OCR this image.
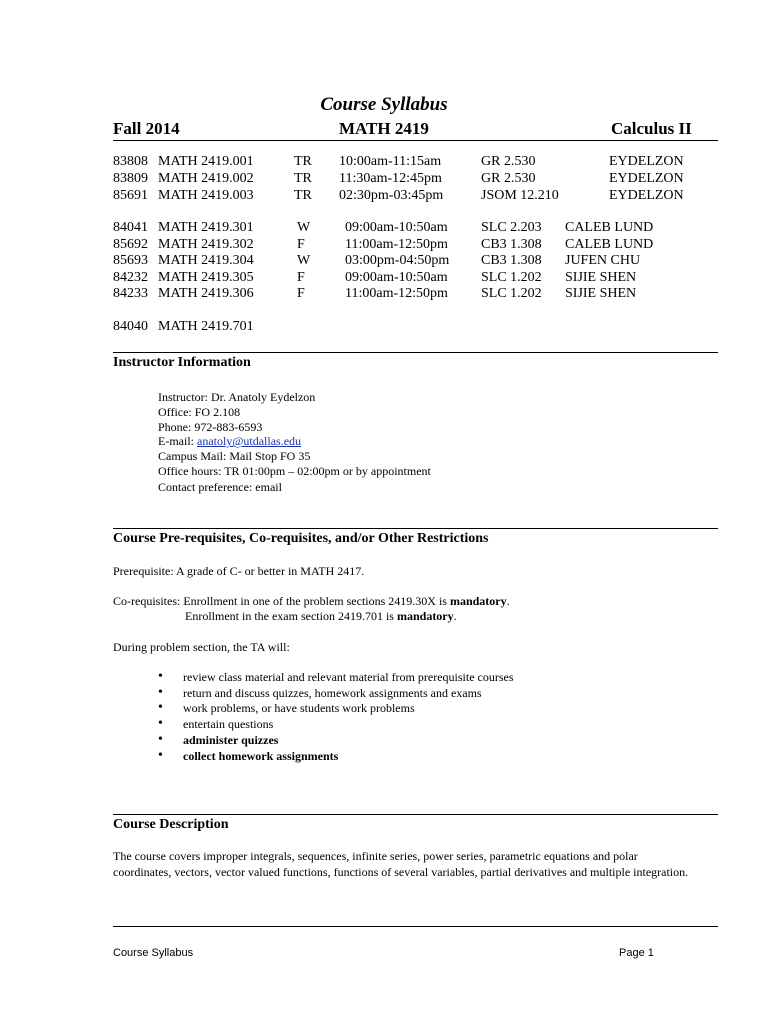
Course Syllabus
Fall 2014	MATH 2419	Calculus II
83808 MATH 2419.001	TR 10:00am-11:15am	GR 2.530	EYDELZON
83809 MATH 2419.002	TR 11:30am-12:45pm	GR 2.530	EYDELZON
85691 MATH 2419.003	TR 02:30pm-03:45pm	JSOM 12.210	EYDELZON
84041 MATH 2419.301	W 09:00am-10:50am SLC 2.203 CALEB LUND
85692 MATH 2419.302	F	11:00am-12:50pm CB3 1.308 CALEB LUND
85693 MATH 2419.304	W 03:00pm-04:50pm CB3 1.308 JUFEN CHU
84232 MATH 2419.305	F	09:00am-10:50am SLC 1.202 SIJIE SHEN
84233 MATH 2419.306	F	11:00am-12:50pm SLC 1.202 SIJIE SHEN
84040 MATH 2419.701
Instructor Information
Instructor: Dr. Anatoly Eydelzon
Office: FO 2.108
Phone: 972-883-6593
E-mail: anatoly@utdallas.edu
Campus Mail: Mail Stop FO 35
Office hours: TR 01:00pm – 02:00pm or by appointment
Contact preference: email
Course Pre-requisites, Co-requisites, and/or Other Restrictions
Prerequisite: A grade of C- or better in MATH 2417.
Co-requisites: Enrollment in one of the problem sections 2419.30X is mandatory.
Enrollment in the exam section 2419.701 is mandatory.
During problem section, the TA will:
• review class material and relevant material from prerequisite courses
• return and discuss quizzes, homework assignments and exams
• work problems, or have students work problems
• entertain questions
• administer quizzes
• collect homework assignments
Course Description
The course covers improper integrals, sequences, infinite series, power series, parametric equations and polar
coordinates, vectors, vector valued functions, functions of several variables, partial derivatives and multiple integration.
Course Syllabus	Page 1
